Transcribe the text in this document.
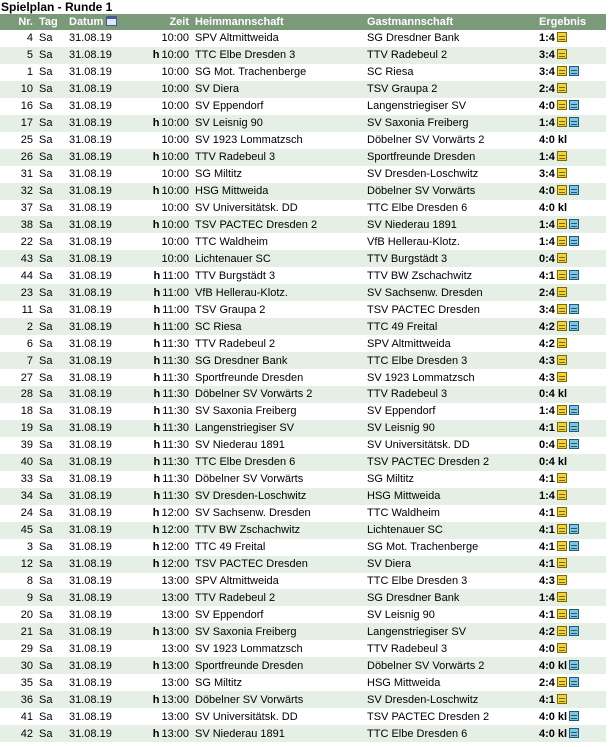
Spielplan - Runde 1
Nr.	Tag	Datum	Zeit	Heimmannschaft	Gastmannschaft	Ergebnis
4	Sa	31.08.19	10:00	SPV Altmittweida	SG Dresdner Bank	1:4
5	Sa	31.08.19	h 10:00	TTC Elbe Dresden 3	TTV Radebeul 2	3:4
1	Sa	31.08.19	10:00	SG Mot. Trachenberge	SC Riesa	3:4
10	Sa	31.08.19	10:00	SV Diera	TSV Graupa 2	2:4
16	Sa	31.08.19	10:00	SV Eppendorf	Langenstriegiser SV	4:0
17	Sa	31.08.19	h 10:00	SV Leisnig 90	SV Saxonia Freiberg	1:4
25	Sa	31.08.19	10:00	SV 1923 Lommatzsch	Döbelner SV Vorwärts 2	4:0 kl
26	Sa	31.08.19	h 10:00	TTV Radebeul 3	Sportfreunde Dresden	1:4
31	Sa	31.08.19	10:00	SG Miltitz	SV Dresden-Loschwitz	3:4
32	Sa	31.08.19	h 10:00	HSG Mittweida	Döbelner SV Vorwärts	4:0
37	Sa	31.08.19	10:00	SV Universitätsk. DD	TTC Elbe Dresden 6	4:0 kl
38	Sa	31.08.19	h 10:00	TSV PACTEC Dresden 2	SV Niederau 1891	1:4
22	Sa	31.08.19	10:00	TTC Waldheim	VfB Hellerau-Klotz.	1:4
43	Sa	31.08.19	10:00	Lichtenauer SC	TTV Burgstädt 3	0:4
44	Sa	31.08.19	h 11:00	TTV Burgstädt 3	TTV BW Zschachwitz	4:1
23	Sa	31.08.19	h 11:00	VfB Hellerau-Klotz.	SV Sachsenw. Dresden	2:4
11	Sa	31.08.19	h 11:00	TSV Graupa 2	TSV PACTEC Dresden	3:4
2	Sa	31.08.19	h 11:00	SC Riesa	TTC 49 Freital	4:2
6	Sa	31.08.19	h 11:30	TTV Radebeul 2	SPV Altmittweida	4:2
7	Sa	31.08.19	h 11:30	SG Dresdner Bank	TTC Elbe Dresden 3	4:3
27	Sa	31.08.19	h 11:30	Sportfreunde Dresden	SV 1923 Lommatzsch	4:3
28	Sa	31.08.19	h 11:30	Döbelner SV Vorwärts 2	TTV Radebeul 3	0:4 kl
18	Sa	31.08.19	h 11:30	SV Saxonia Freiberg	SV Eppendorf	1:4
19	Sa	31.08.19	h 11:30	Langenstriegiser SV	SV Leisnig 90	4:1
39	Sa	31.08.19	h 11:30	SV Niederau 1891	SV Universitätsk. DD	0:4
40	Sa	31.08.19	h 11:30	TTC Elbe Dresden 6	TSV PACTEC Dresden 2	0:4 kl
33	Sa	31.08.19	h 11:30	Döbelner SV Vorwärts	SG Miltitz	4:1
34	Sa	31.08.19	h 11:30	SV Dresden-Loschwitz	HSG Mittweida	1:4
24	Sa	31.08.19	h 12:00	SV Sachsenw. Dresden	TTC Waldheim	4:1
45	Sa	31.08.19	h 12:00	TTV BW Zschachwitz	Lichtenauer SC	4:1
3	Sa	31.08.19	h 12:00	TTC 49 Freital	SG Mot. Trachenberge	4:1
12	Sa	31.08.19	h 12:00	TSV PACTEC Dresden	SV Diera	4:1
8	Sa	31.08.19	13:00	SPV Altmittweida	TTC Elbe Dresden 3	4:3
9	Sa	31.08.19	13:00	TTV Radebeul 2	SG Dresdner Bank	1:4
20	Sa	31.08.19	13:00	SV Eppendorf	SV Leisnig 90	4:1
21	Sa	31.08.19	h 13:00	SV Saxonia Freiberg	Langenstriegiser SV	4:2
29	Sa	31.08.19	13:00	SV 1923 Lommatzsch	TTV Radebeul 3	4:0
30	Sa	31.08.19	h 13:00	Sportfreunde Dresden	Döbelner SV Vorwärts 2	4:0 kl
35	Sa	31.08.19	13:00	SG Miltitz	HSG Mittweida	2:4
36	Sa	31.08.19	h 13:00	Döbelner SV Vorwärts	SV Dresden-Loschwitz	4:1
41	Sa	31.08.19	13:00	SV Universitätsk. DD	TSV PACTEC Dresden 2	4:0 kl
42	Sa	31.08.19	h 13:00	SV Niederau 1891	TTC Elbe Dresden 6	4:0 kl
